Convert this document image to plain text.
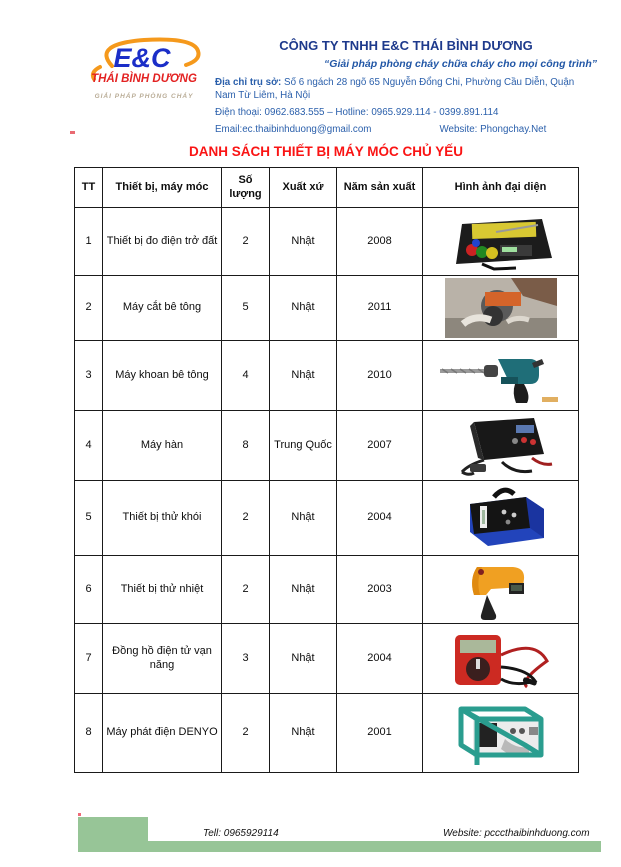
E&C
THÁI BÌNH DƯƠNG
GIẢI PHÁP PHÒNG CHÁY
CÔNG TY TNHH E&C THÁI BÌNH DƯƠNG
“Giải pháp phòng cháy chữa cháy cho mọi công trình”
Địa chỉ trụ sở: Số 6 ngách 28 ngõ 65 Nguyễn Đổng Chi, Phường Cầu Diễn, Quận Nam Từ Liêm, Hà Nội
Điện thoại: 0962.683.555 – Hotline: 0965.929.114 - 0399.891.114
Email:ec.thaibinhduong@gmail.com	Website: Phongchay.Net
DANH SÁCH THIẾT BỊ MÁY MÓC CHỦ YẾU
TT	Thiết bị, máy móc	Số lượng	Xuất xứ	Năm sản xuất	Hình ảnh đại diện
1	Thiết bị đo điện trở đất	2	Nhật	2008	

2	Máy cắt bê tông	5	Nhật	2011	

3	Máy khoan bê tông	4	Nhật	2010	

4	Máy hàn	8	Trung Quốc	2007	

5	Thiết bị thử khói	2	Nhật	2004	

6	Thiết bị thử nhiệt	2	Nhật	2003	

7	Đồng hồ điện tử vạn năng	3	Nhật	2004	

8	Máy phát điện DENYO	2	Nhật	2001	
Tell: 0965929114	Website: pcccthaibinhduong.com
